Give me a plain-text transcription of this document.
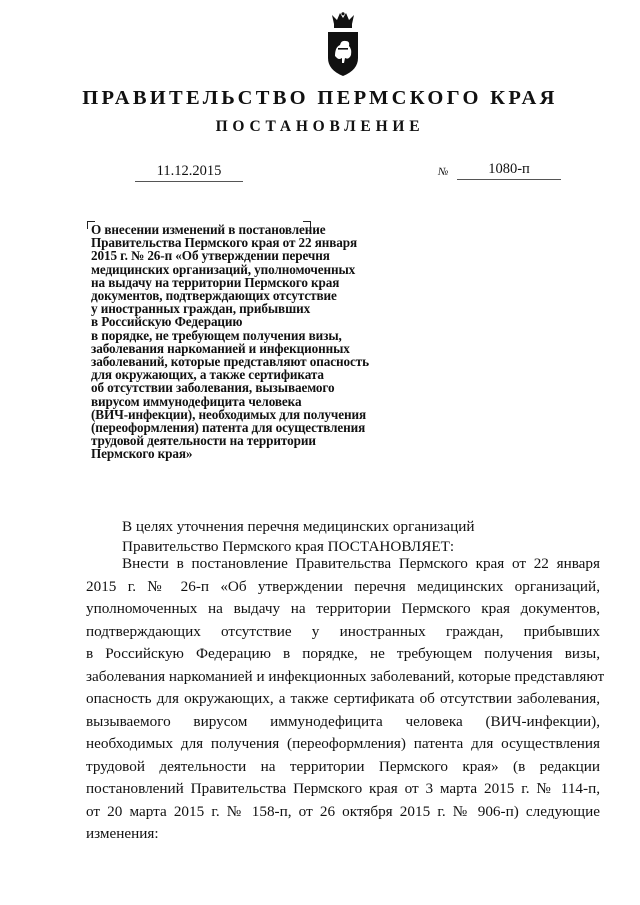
ПРАВИТЕЛЬСТВО ПЕРМСКОГО КРАЯ
ПОСТАНОВЛЕНИЕ
11.12.2015	№	1080-п
О внесении изменений в постановление
Правительства Пермского края от 22 января
2015 г. № 26-п «Об утверждении перечня
медицинских организаций, уполномоченных
на выдачу на территории Пермского края
документов, подтверждающих отсутствие
у иностранных граждан, прибывших
в Российскую Федерацию
в порядке, не требующем получения визы,
заболевания наркоманией и инфекционных
заболеваний, которые представляют опасность
для окружающих, а также сертификата
об отсутствии заболевания, вызываемого
вирусом иммунодефицита человека
(ВИЧ-инфекции), необходимых для получения
(переоформления) патента для осуществления
трудовой деятельности на территории
Пермского края»
В целях уточнения перечня медицинских организаций
Правительство Пермского края ПОСТАНОВЛЯЕТ:
Внести в постановление Правительства Пермского края от 22 января
2015 г. № 26-п «Об утверждении перечня медицинских организаций,
уполномоченных на выдачу на территории Пермского края документов,
подтверждающих отсутствие у иностранных граждан, прибывших
в Российскую Федерацию в порядке, не требующем получения визы,
заболевания наркоманией и инфекционных заболеваний, которые представляют
опасность для окружающих, а также сертификата об отсутствии заболевания,
вызываемого вирусом иммунодефицита человека (ВИЧ-инфекции),
необходимых для получения (переоформления) патента для осуществления
трудовой деятельности на территории Пермского края» (в редакции
постановлений Правительства Пермского края от 3 марта 2015 г. № 114-п,
от 20 марта 2015 г. № 158-п, от 26 октября 2015 г. № 906-п) следующие
изменения:
